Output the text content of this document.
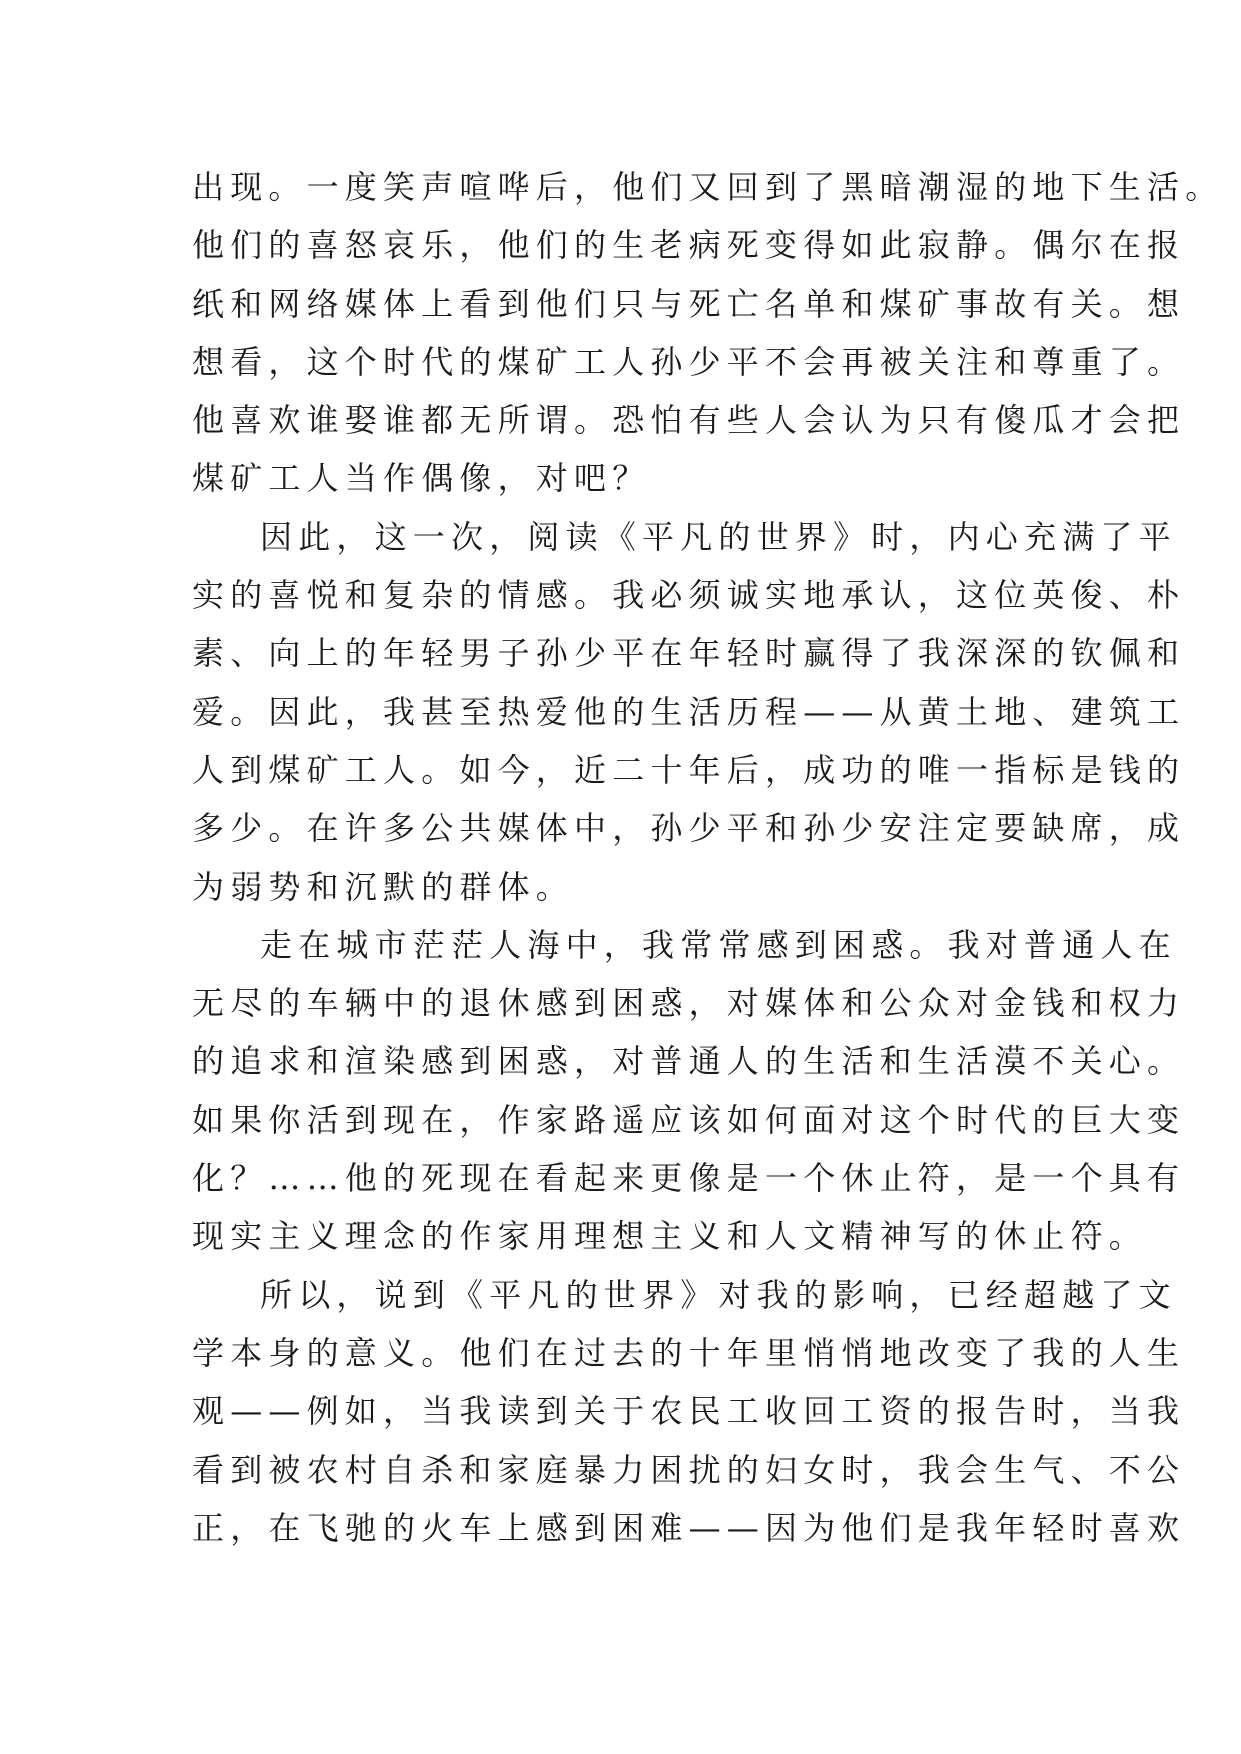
出现。一度笑声喧哗后，他们又回到了黑暗潮湿的地下生活。
他们的喜怒哀乐，他们的生老病死变得如此寂静。偶尔在报
纸和网络媒体上看到他们只与死亡名单和煤矿事故有关。想
想看，这个时代的煤矿工人孙少平不会再被关注和尊重了。
他喜欢谁娶谁都无所谓。恐怕有些人会认为只有傻瓜才会把
煤矿工人当作偶像，对吧？
因此，这一次，阅读《平凡的世界》时，内心充满了平
实的喜悦和复杂的情感。我必须诚实地承认，这位英俊、朴
素、向上的年轻男子孙少平在年轻时赢得了我深深的钦佩和
爱。因此，我甚至热爱他的生活历程——从黄土地、建筑工
人到煤矿工人。如今，近二十年后，成功的唯一指标是钱的
多少。在许多公共媒体中，孙少平和孙少安注定要缺席，成
为弱势和沉默的群体。
走在城市茫茫人海中，我常常感到困惑。我对普通人在
无尽的车辆中的退休感到困惑，对媒体和公众对金钱和权力
的追求和渲染感到困惑，对普通人的生活和生活漠不关心。
如果你活到现在，作家路遥应该如何面对这个时代的巨大变
化？……他的死现在看起来更像是一个休止符，是一个具有
现实主义理念的作家用理想主义和人文精神写的休止符。
所以，说到《平凡的世界》对我的影响，已经超越了文
学本身的意义。他们在过去的十年里悄悄地改变了我的人生
观——例如，当我读到关于农民工收回工资的报告时，当我
看到被农村自杀和家庭暴力困扰的妇女时，我会生气、不公
正，在飞驰的火车上感到困难——因为他们是我年轻时喜欢
